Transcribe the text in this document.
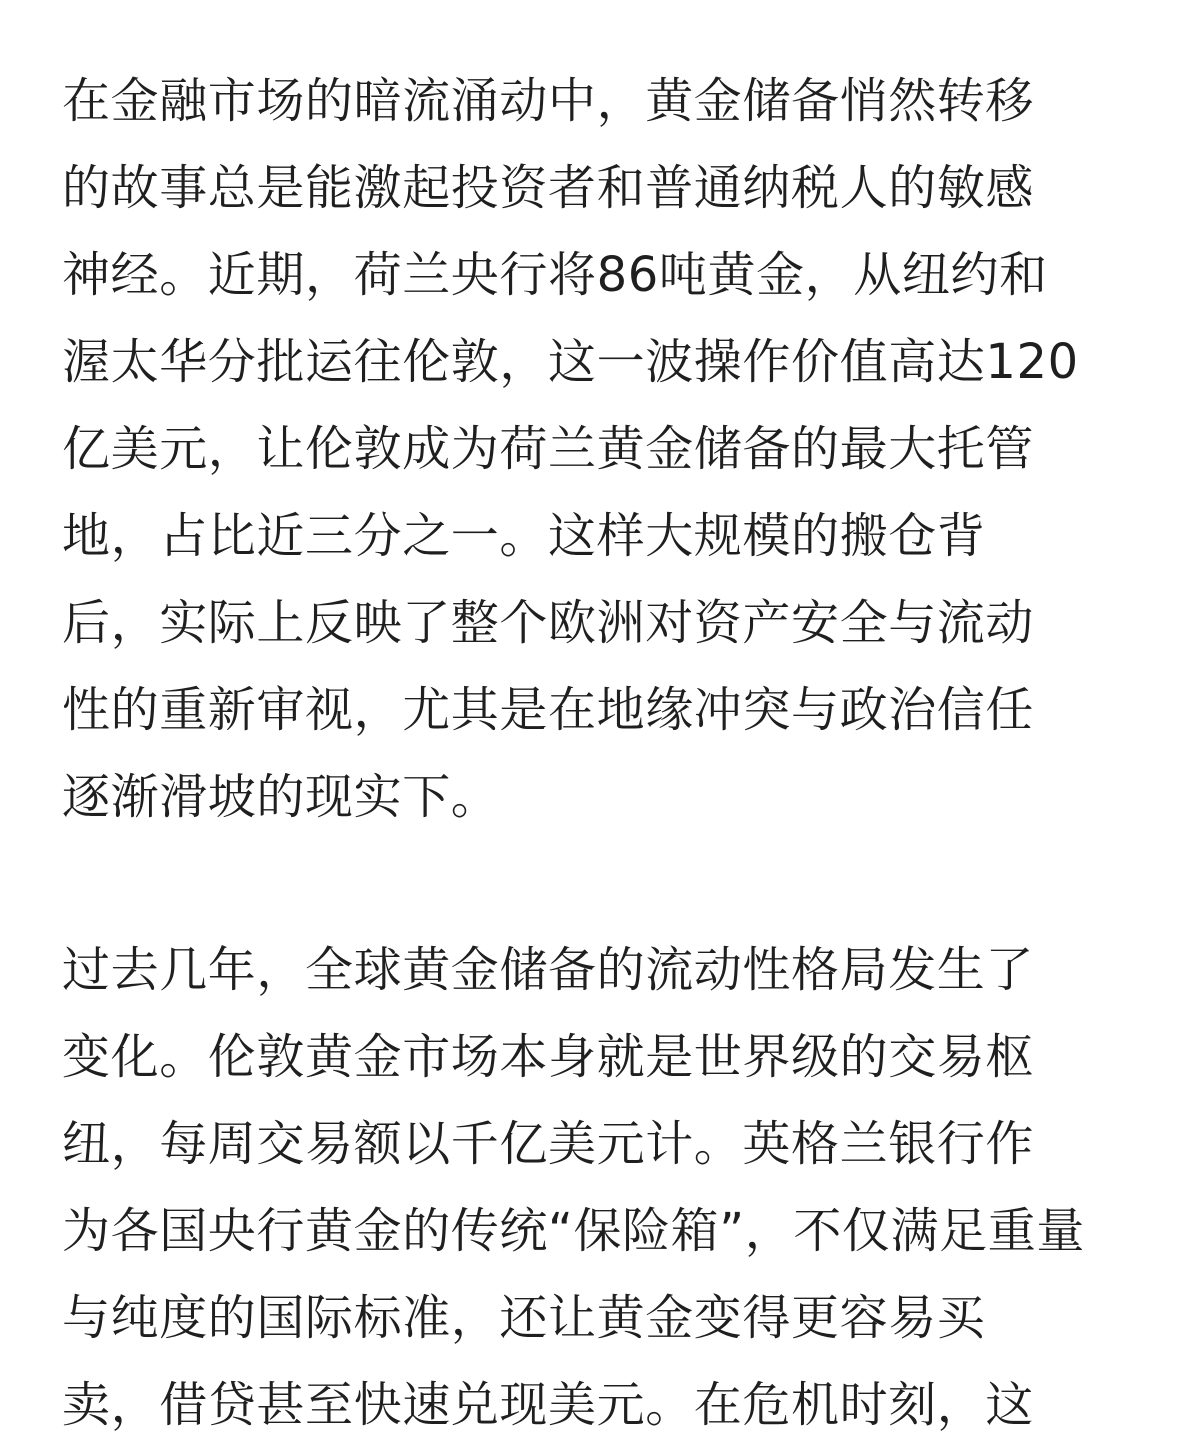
在金融市场的暗流涌动中，黄金储备悄然转移
的故事总是能激起投资者和普通纳税人的敏感
神经。近期，荷兰央行将86吨黄金，从纽约和
渥太华分批运往伦敦，这一波操作价值高达120
亿美元，让伦敦成为荷兰黄金储备的最大托管
地，占比近三分之一。这样大规模的搬仓背
后，实际上反映了整个欧洲对资产安全与流动
性的重新审视，尤其是在地缘冲突与政治信任
逐渐滑坡的现实下。
过去几年，全球黄金储备的流动性格局发生了
变化。伦敦黄金市场本身就是世界级的交易枢
纽，每周交易额以千亿美元计。英格兰银行作
为各国央行黄金的传统“保险箱”，不仅满足重量
与纯度的国际标准，还让黄金变得更容易买
卖，借贷甚至快速兑现美元。在危机时刻，这
